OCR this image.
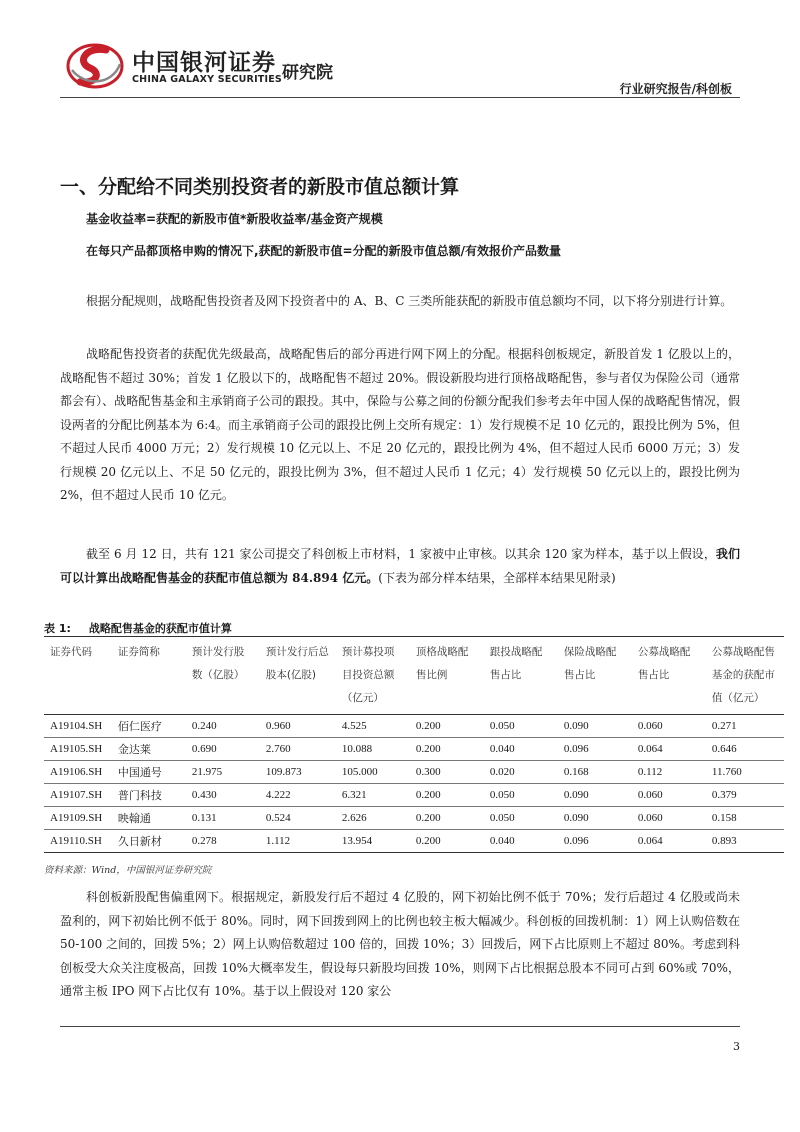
中国银河证券
CHINA GALAXY SECURITIES 研究院
行业研究报告/科创板
一、分配给不同类别投资者的新股市值总额计算
基金收益率=获配的新股市值*新股收益率/基金资产规模
在每只产品都顶格申购的情况下,获配的新股市值=分配的新股市值总额/有效报价产品数量

根据分配规则，战略配售投资者及网下投资者中的 A、B、C 三类所能获配的新股市值总额均不同，以下将分别进行计算。

战略配售投资者的获配优先级最高，战略配售后的部分再进行网下网上的分配。根据科创板规定，新股首发 1 亿股以上的，战略配售不超过 30%；首发 1 亿股以下的，战略配售不超过 20%。假设新股均进行顶格战略配售，参与者仅为保险公司（通常都会有）、战略配售基金和主承销商子公司的跟投。其中，保险与公募之间的份额分配我们参考去年中国人保的战略配售情况，假设两者的分配比例基本为 6:4。而主承销商子公司的跟投比例上交所有规定：1）发行规模不足 10 亿元的，跟投比例为 5%，但不超过人民币 4000 万元；2）发行规模 10 亿元以上、不足 20 亿元的，跟投比例为 4%，但不超过人民币 6000 万元；3）发行规模 20 亿元以上、不足 50 亿元的，跟投比例为 3%，但不超过人民币 1 亿元；4）发行规模 50 亿元以上的，跟投比例为 2%，但不超过人民币 10 亿元。

截至 6 月 12 日，共有 121 家公司提交了科创板上市材料，1 家被中止审核。以其余 120 家为样本，基于以上假设，我们可以计算出战略配售基金的获配市值总额为 84.894 亿元。(下表为部分样本结果，全部样本结果见附录)

表 1: 战略配售基金的获配市值计算
证券代码	证券简称	预计发行股数（亿股）	预计发行后总股本(亿股)	预计募投项目投资总额（亿元）	顶格战略配售比例	跟投战略配售占比	保险战略配售占比	公募战略配售占比	公募战略配售基金的获配市值（亿元）
A19104.SH	佰仁医疗	0.240	0.960	4.525	0.200	0.050	0.090	0.060	0.271
A19105.SH	金达莱	0.690	2.760	10.088	0.200	0.040	0.096	0.064	0.646
A19106.SH	中国通号	21.975	109.873	105.000	0.300	0.020	0.168	0.112	11.760
A19107.SH	普门科技	0.430	4.222	6.321	0.200	0.050	0.090	0.060	0.379
A19109.SH	映翰通	0.131	0.524	2.626	0.200	0.050	0.090	0.060	0.158
A19110.SH	久日新材	0.278	1.112	13.954	0.200	0.040	0.096	0.064	0.893
资料来源：Wind，中国银河证券研究院

科创板新股配售偏重网下。根据规定，新股发行后不超过 4 亿股的，网下初始比例不低于 70%；发行后超过 4 亿股或尚未盈利的，网下初始比例不低于 80%。同时，网下回拨到网上的比例也较主板大幅减少。科创板的回拨机制：1）网上认购倍数在 50-100 之间的，回拨 5%；2）网上认购倍数超过 100 倍的，回拨 10%；3）回拨后，网下占比原则上不超过 80%。考虑到科创板受大众关注度极高，回拨 10%大概率发生，假设每只新股均回拨 10%，则网下占比根据总股本不同可占到 60%或 70%，通常主板 IPO 网下占比仅有 10%。基于以上假设对 120 家公

3
